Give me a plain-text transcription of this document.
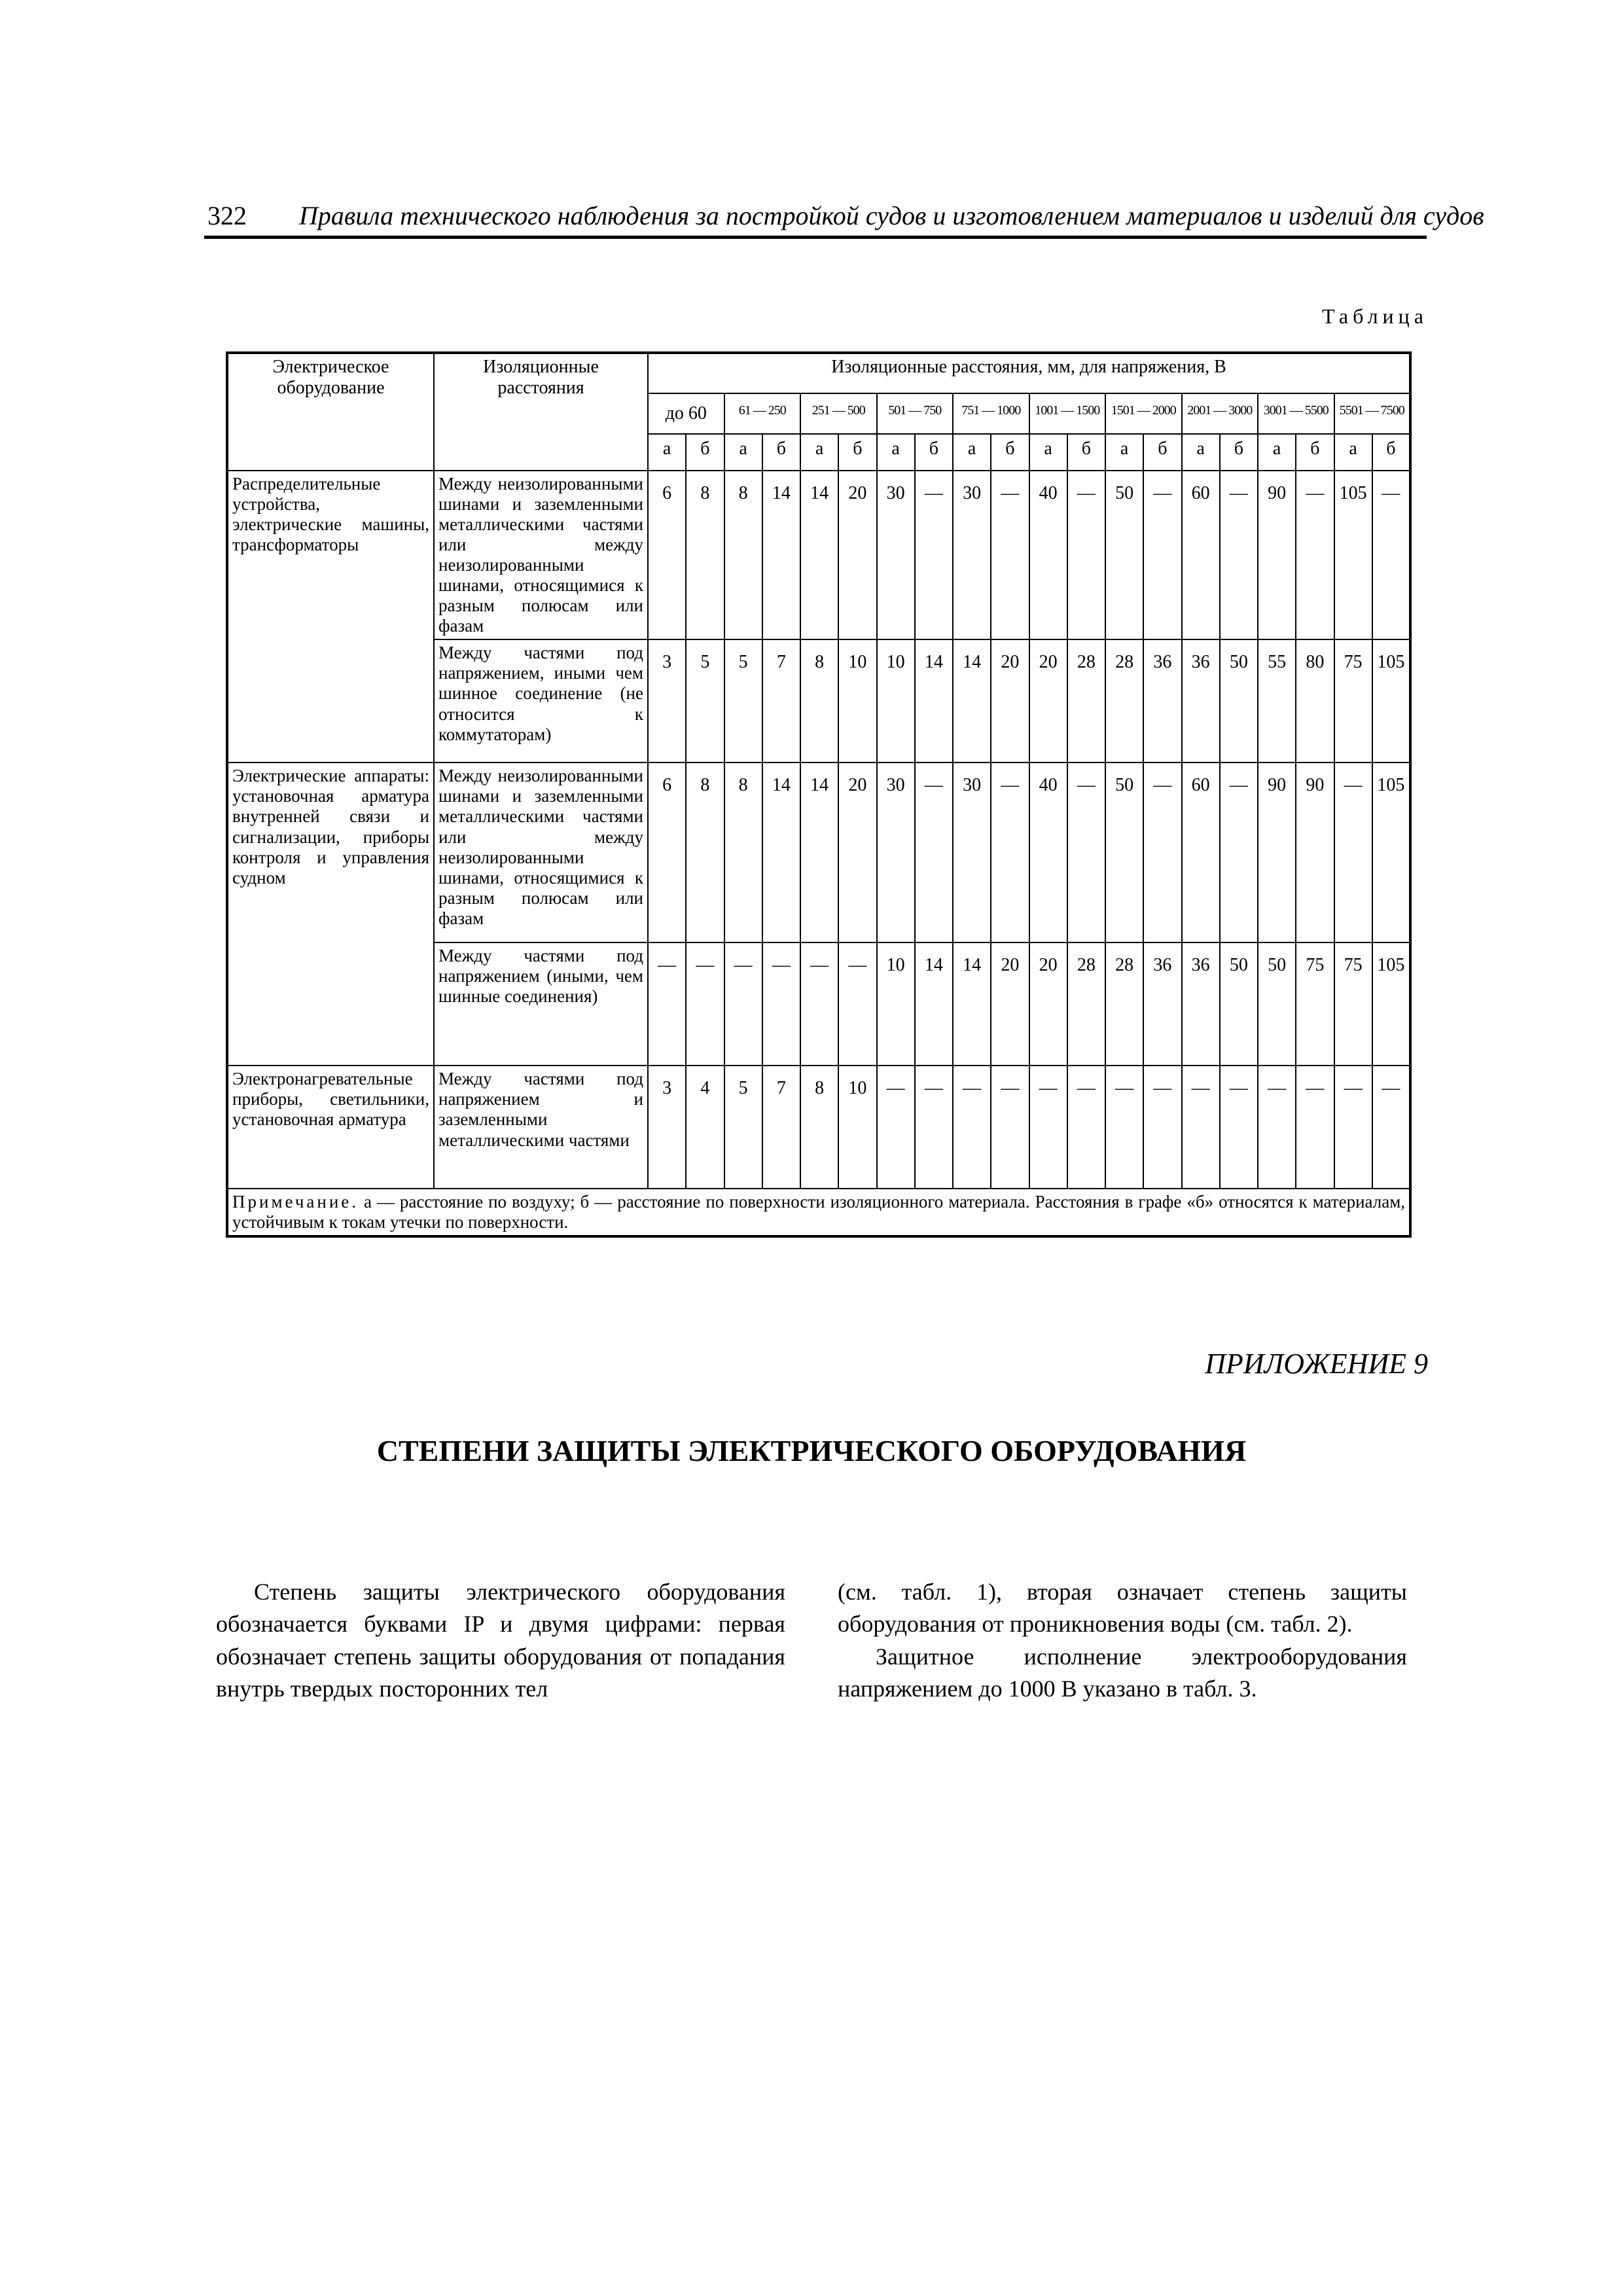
322 Правила технического наблюдения за постройкой судов и изготовлением материалов и изделий для судов
Таблица
Электрическое оборудование	Изоляционные расстояния	Изоляционные расстояния, мм, для напряжения, В																			
		до 60		61 — 250		251 — 500		501 — 750		751 — 1000		1001 — 1500		1501 — 2000		2001 — 3000		3001 — 5500		5501 — 7500	
		а	б	а	б	а	б	а	б	а	б	а	б	а	б	а	б	а	б	а	б
Распределительные устройства, электрические машины, трансформаторы	Между неизолированными шинами и заземленными металлическими частями или между неизолированными шинами, относящимися к разным полюсам или фазам	6	8	8	14	14	20	30	—	30	—	40	—	50	—	60	—	90	—	105	—
	Между частями под напряжением, иными чем шинное соединение (не относится к коммутаторам)	3	5	5	7	8	10	10	14	14	20	20	28	28	36	36	50	55	80	75	105
Электрические аппараты: установочная арматура внутренней связи и сигнализации, приборы контроля и управления судном	Между неизолированными шинами и заземленными металлическими частями или между неизолированными шинами, относящимися к разным полюсам или фазам	6	8	8	14	14	20	30	—	30	—	40	—	50	—	60	—	90	90	—	105
	Между частями под напряжением (иными, чем шинные соединения)	—	—	—	—	—	—	10	14	14	20	20	28	28	36	36	50	50	75	75	105
Электронагревательные приборы, светильники, установочная арматура	Между частями под напряжением и заземленными металлическими частями	3	4	5	7	8	10	—	—	—	—	—	—	—	—	—	—	—	—	—	—
Примечание. а — расстояние по воздуху; б — расстояние по поверхности изоляционного материала. Расстояния в графе «б» относятся к материалам, устойчивым к токам утечки по поверхности.																					
ПРИЛОЖЕНИЕ 9
СТЕПЕНИ ЗАЩИТЫ ЭЛЕКТРИЧЕСКОГО ОБОРУДОВАНИЯ

Степень защиты электрического оборудования обозначается буквами IP и двумя цифрами: первая обозначает степень защиты оборудования от попадания внутрь твердых посторонних тел

(см. табл. 1), вторая означает степень защиты оборудования от проникновения воды (см. табл. 2).

Защитное исполнение электрооборудования напряжением до 1000 В указано в табл. 3.
